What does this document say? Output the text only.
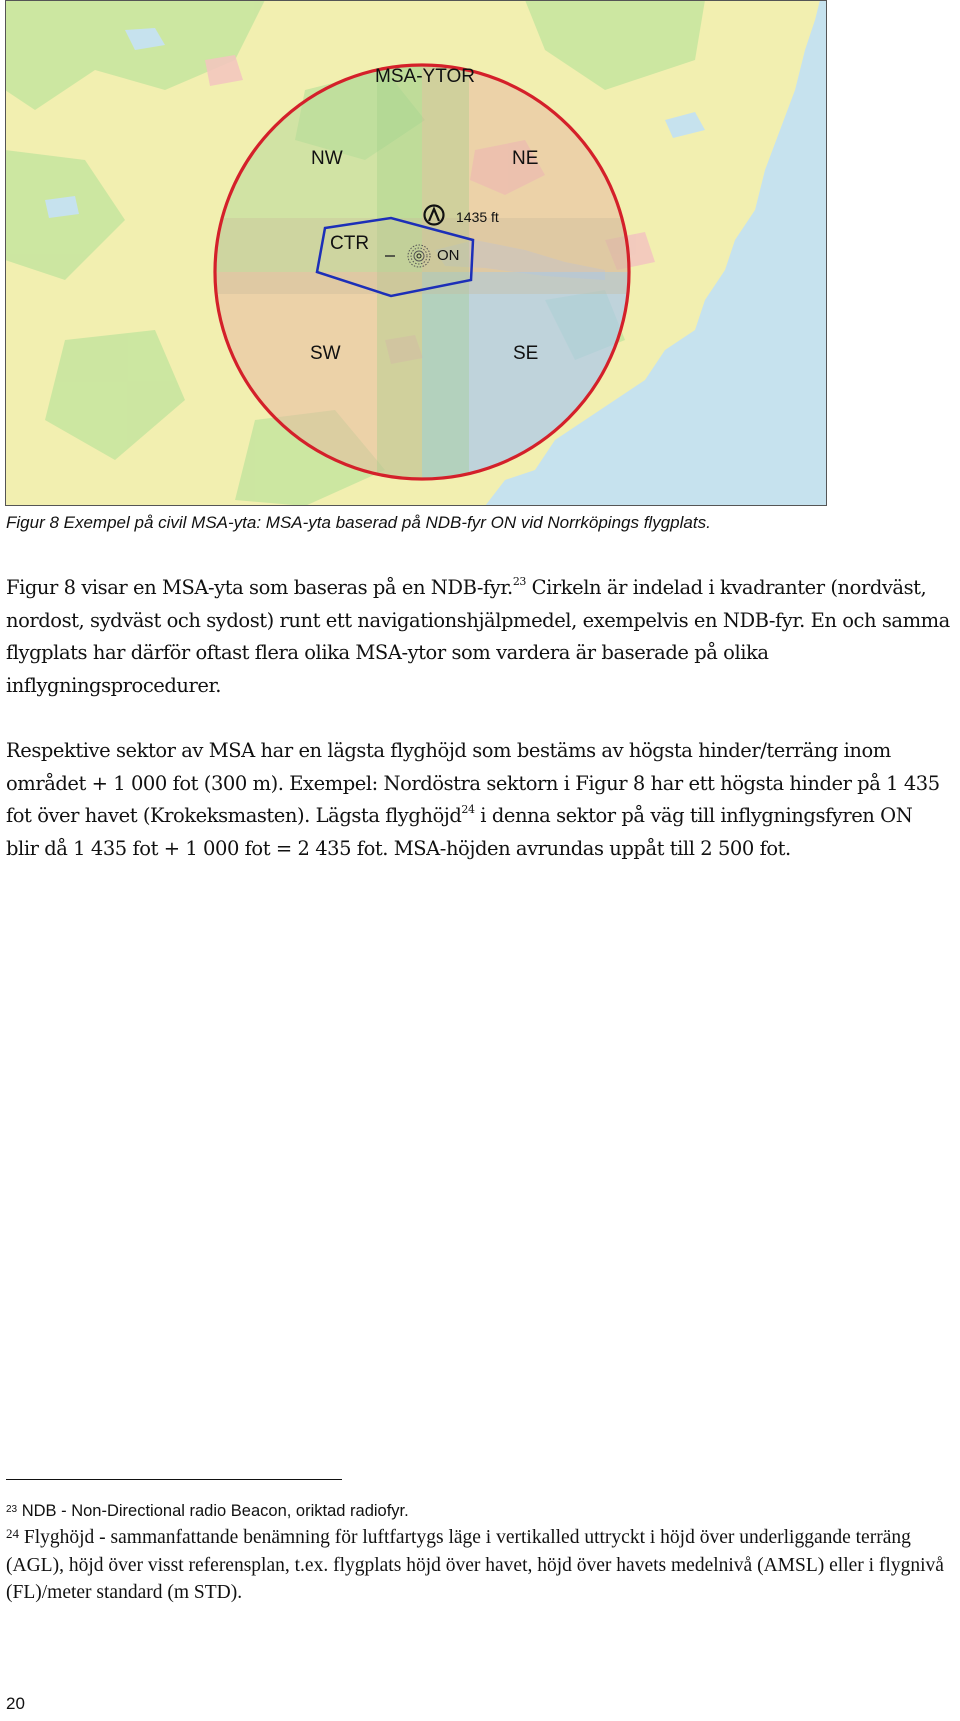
MSA-YTOR
NW	NE
SW	SE
CTR
ON
1435 ft
Figur 8 Exempel på civil MSA-yta: MSA-yta baserad på NDB-fyr ON vid Norrköpings flygplats.

Figur 8 visar en MSA-yta som baseras på en NDB-fyr.$^{23}$ Cirkeln är indelad i kvadranter (nordväst, nordost, sydväst och sydost) runt ett navigationshjälpmedel, exempelvis en NDB-fyr. En och samma flygplats har därför oftast flera olika MSA-ytor som vardera är baserade på olika inflygningsprocedurer.

Respektive sektor av MSA har en lägsta flyghöjd som bestäms av högsta hinder/terräng inom området + 1 000 fot (300 m). Exempel: Nordöstra sektorn i Figur 8 har ett högsta hinder på 1 435 fot över havet (Krokeksmasten). Lägsta flyghöjd$^{24}$ i denna sektor på väg till inflygningsfyren ON blir då 1 435 fot + 1 000 fot = 2 435 fot. MSA-höjden avrundas uppåt till 2 500 fot.

$^{23}$ NDB - Non-Directional radio Beacon, oriktad radiofyr.
$^{24}$ Flyghöjd - sammanfattande benämning för luftfartygs läge i vertikalled uttryckt i höjd över underliggande terräng (AGL), höjd över visst referensplan, t.ex. flygplats höjd över havet, höjd över havets medelnivå (AMSL) eller i flygnivå (FL)/meter standard (m STD).
20
